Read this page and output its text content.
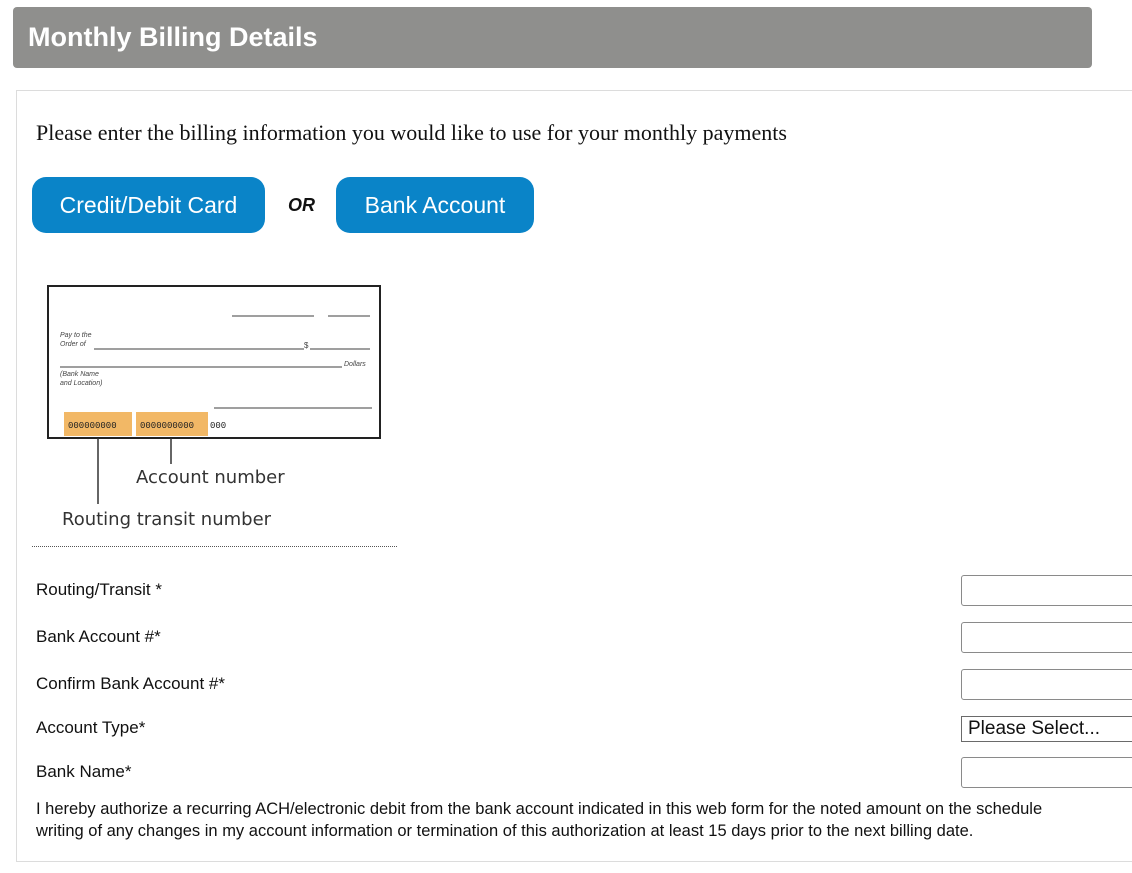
Monthly Billing Details
Please enter the billing information you would like to use for your monthly payments
Credit/Debit Card	OR	Bank Account
Pay to the
Order of	$
Dollars
(Bank Name
and Location)
000000000	0000000000 000
Account number
Routing transit number
Routing/Transit *
Bank Account #*
Confirm Bank Account #*
Account Type*	Please Select...
Bank Name*
I hereby authorize a recurring ACH/electronic debit from the bank account indicated in this web form for the noted amount on the schedule
writing of any changes in my account information or termination of this authorization at least 15 days prior to the next billing date.
